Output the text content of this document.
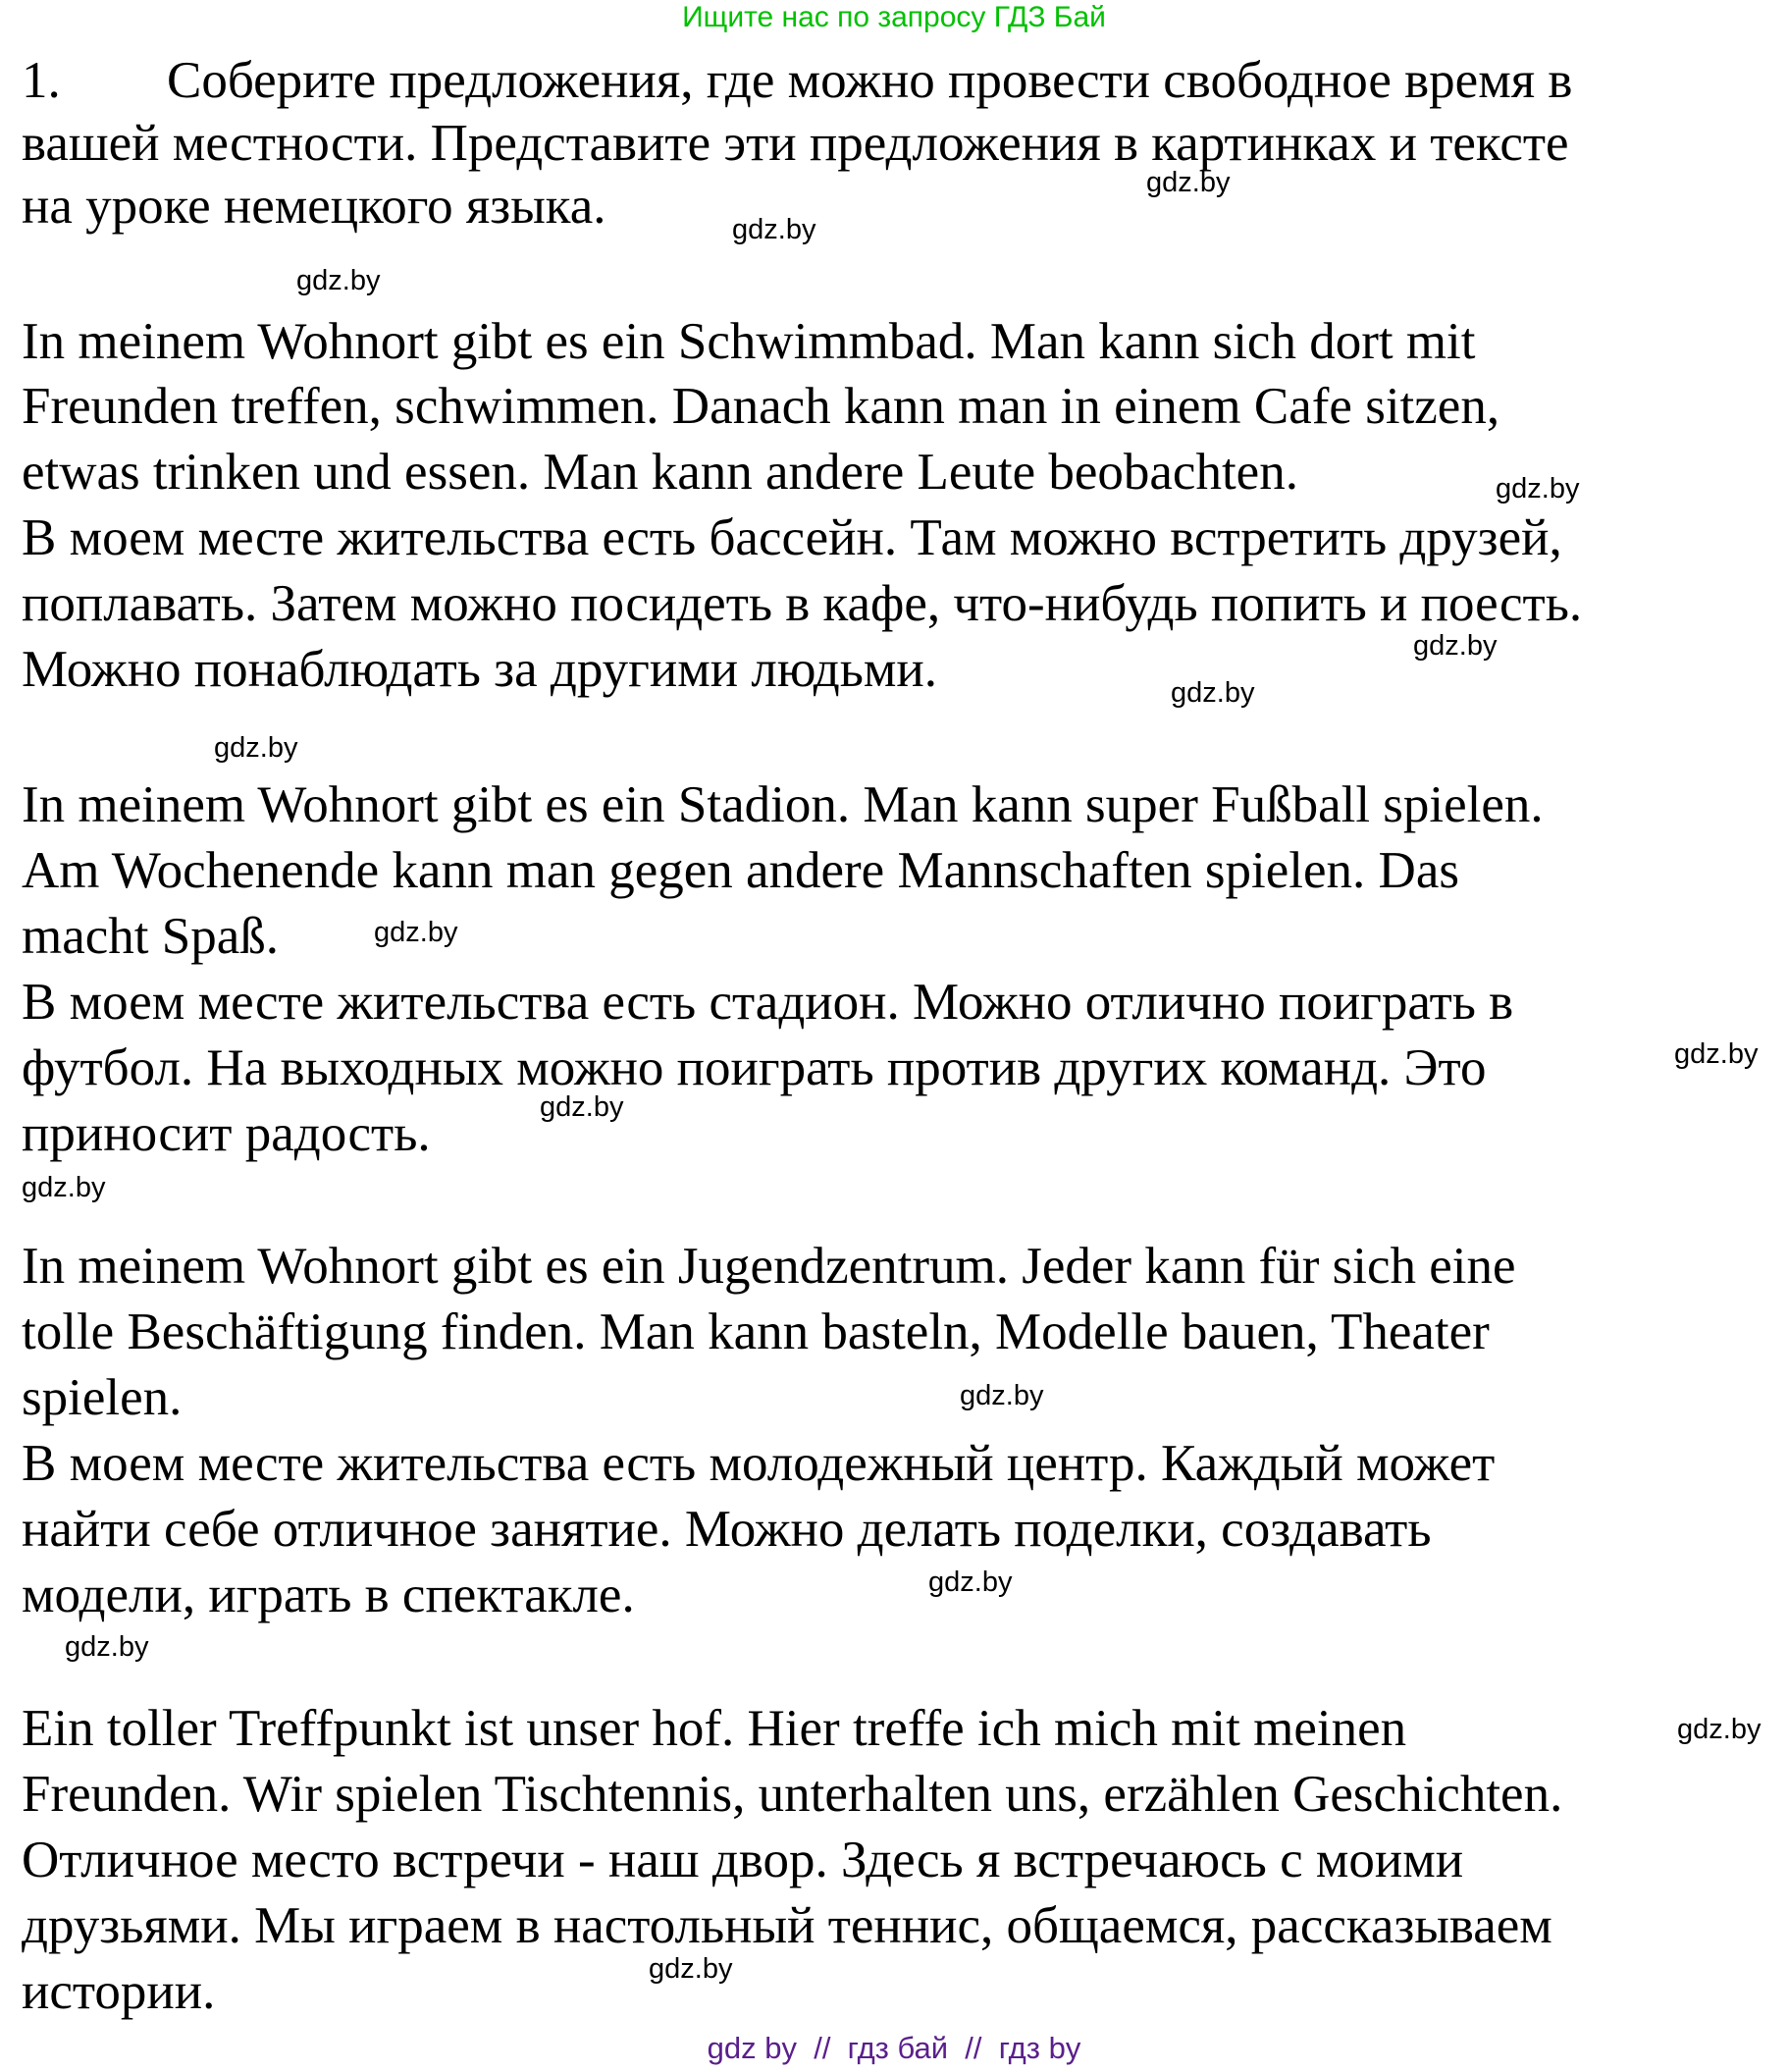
Ищите нас по запросу ГДЗ Бай
1. Соберите предложения, где можно провести свободное время в
вашей местности. Представите эти предложения в картинках и тексте
на уроке немецкого языка.
In meinem Wohnort gibt es ein Schwimmbad. Man kann sich dort mit
Freunden treffen, schwimmen. Danach kann man in einem Cafe sitzen,
etwas trinken und essen. Man kann andere Leute beobachten.
В моем месте жительства есть бассейн. Там можно встретить друзей,
поплавать. Затем можно посидеть в кафе, что-нибудь попить и поесть.
Можно понаблюдать за другими людьми.
In meinem Wohnort gibt es ein Stadion. Man kann super Fußball spielen.
Am Wochenende kann man gegen andere Mannschaften spielen. Das
macht Spaß.
В моем месте жительства есть стадион. Можно отлично поиграть в
футбол. На выходных можно поиграть против других команд. Это
приносит радость.
In meinem Wohnort gibt es ein Jugendzentrum. Jeder kann für sich eine
tolle Beschäftigung finden. Man kann basteln, Modelle bauen, Theater
spielen.
В моем месте жительства есть молодежный центр. Каждый может
найти себе отличное занятие. Можно делать поделки, создавать
модели, играть в спектакле.
Ein toller Treffpunkt ist unser hof. Hier treffe ich mich mit meinen
Freunden. Wir spielen Tischtennis, unterhalten uns, erzählen Geschichten.
Отличное место встречи - наш двор. Здесь я встречаюсь с моими
друзьями. Мы играем в настольный теннис, общаемся, рассказываем
истории.
gdz.by
gdz.by
gdz.by
gdz.by
gdz.by
gdz.by
gdz.by
gdz.by
gdz.by
gdz.by
gdz.by
gdz.by
gdz.by
gdz.by
gdz.by
gdz.by
gdz by  //  гдз бай  //  гдз by
